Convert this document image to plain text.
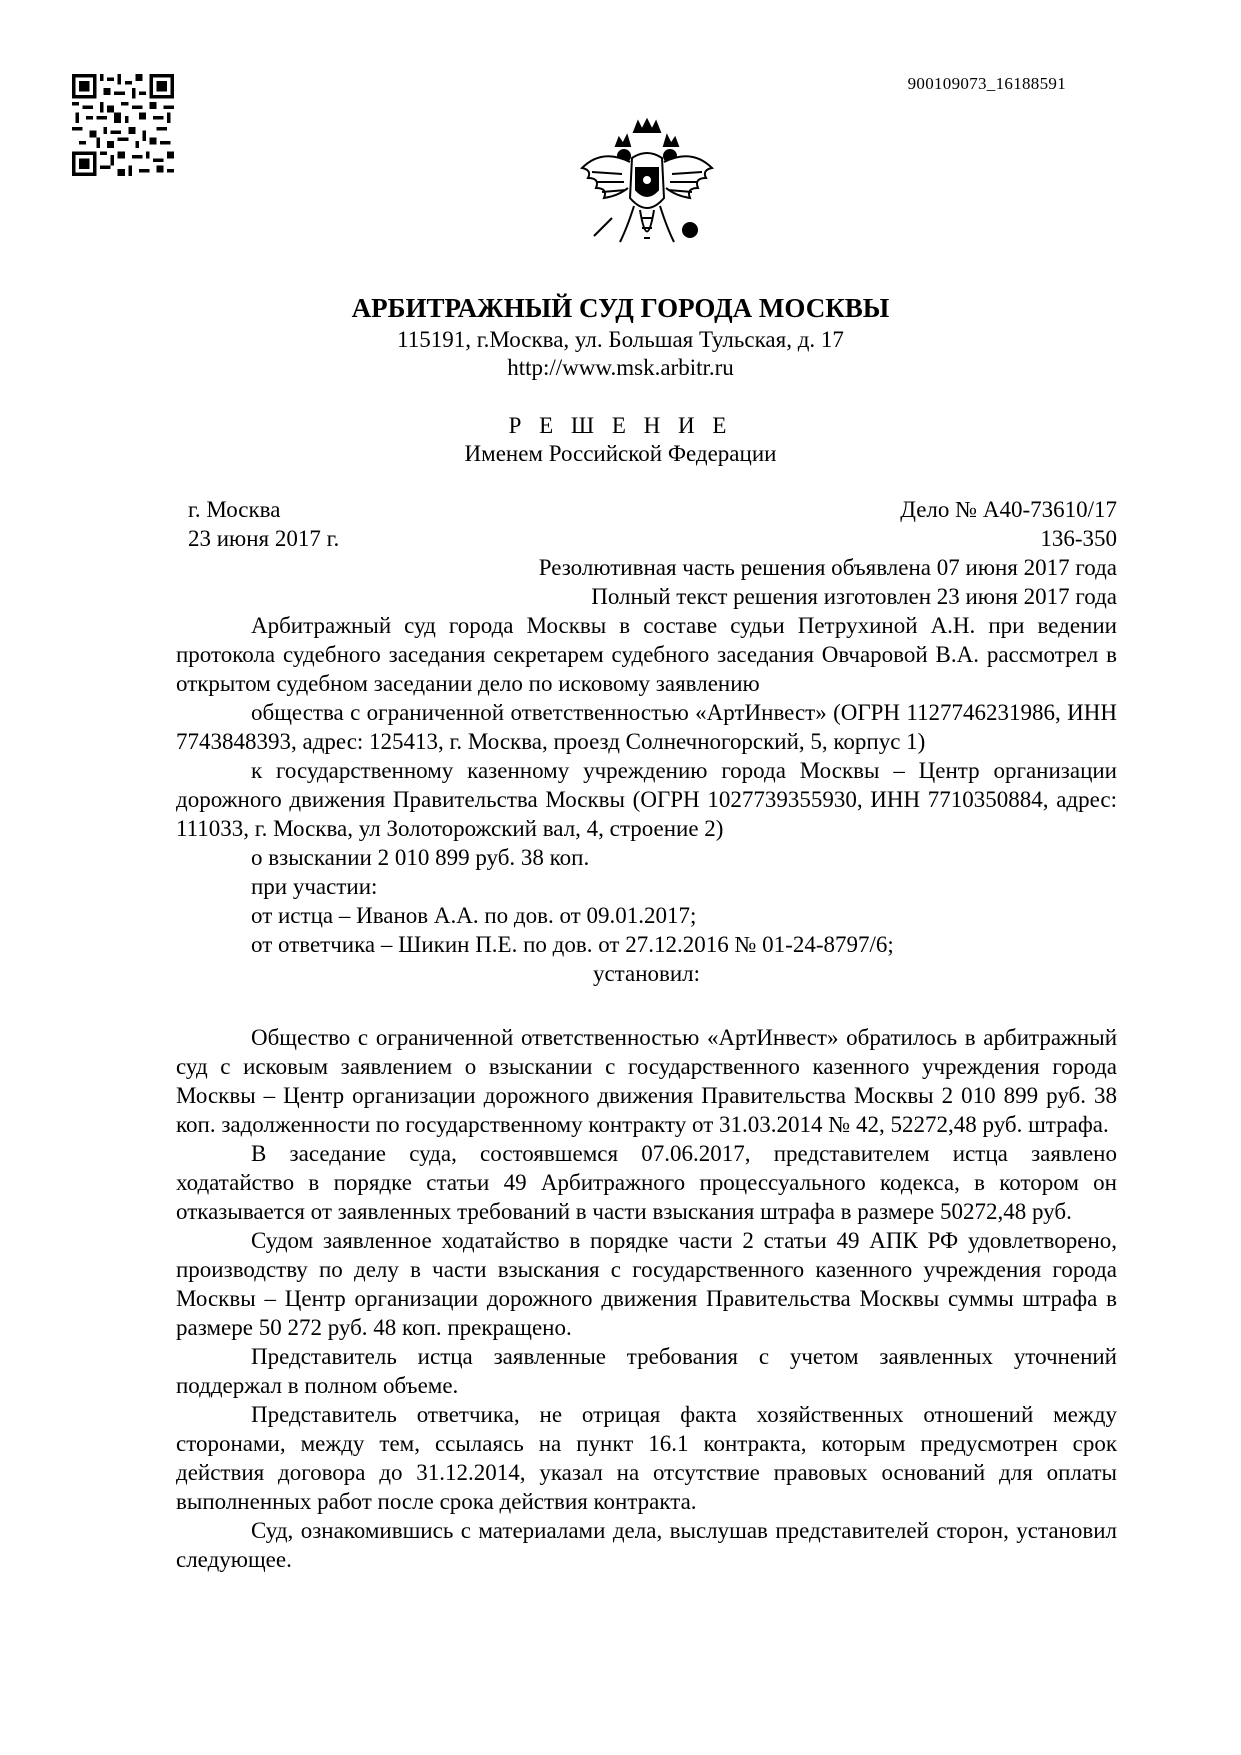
900109073_16188591
АРБИТРАЖНЫЙ СУД ГОРОДА МОСКВЫ
115191, г.Москва, ул. Большая Тульская, д. 17
http://www.msk.arbitr.ru
Р Е Ш Е Н И Е
Именем Российской Федерации
г. Москва	Дело № А40-73610/17
23 июня 2017 г.	136-350
Резолютивная часть решения объявлена 07 июня 2017 года
Полный текст решения изготовлен 23 июня 2017 года

Арбитражный суд города Москвы в составе судьи Петрухиной А.Н. при ведении протокола судебного заседания секретарем судебного заседания Овчаровой В.А. рассмотрел в открытом судебном заседании дело по исковому заявлению

общества с ограниченной ответственностью «АртИнвест» (ОГРН 1127746231986, ИНН 7743848393, адрес: 125413, г. Москва, проезд Солнечногорский, 5, корпус 1)

к государственному казенному учреждению города Москвы – Центр организации дорожного движения Правительства Москвы (ОГРН 1027739355930, ИНН 7710350884, адрес: 111033, г. Москва, ул Золоторожский вал, 4, строение 2)

о взыскании 2 010 899 руб. 38 коп.

при участии:

от истца – Иванов А.А. по дов. от 09.01.2017;

от ответчика – Шикин П.Е. по дов. от 27.12.2016 № 01-24-8797/6;

установил:

Общество с ограниченной ответственностью «АртИнвест» обратилось в арбитражный суд с исковым заявлением о взыскании с государственного казенного учреждения города Москвы – Центр организации дорожного движения Правительства Москвы 2 010 899 руб. 38 коп. задолженности по государственному контракту от 31.03.2014 № 42, 52272,48 руб. штрафа.

В заседание суда, состоявшемся 07.06.2017, представителем истца заявлено ходатайство в порядке статьи 49 Арбитражного процессуального кодекса, в котором он отказывается от заявленных требований в части взыскания штрафа в размере 50272,48 руб.

Судом заявленное ходатайство в порядке части 2 статьи 49 АПК РФ удовлетворено, производству по делу в части взыскания с государственного казенного учреждения города Москвы – Центр организации дорожного движения Правительства Москвы суммы штрафа в размере 50 272 руб. 48 коп. прекращено.

Представитель истца заявленные требования с учетом заявленных уточнений поддержал в полном объеме.

Представитель ответчика, не отрицая факта хозяйственных отношений между сторонами, между тем, ссылаясь на пункт 16.1 контракта, которым предусмотрен срок действия договора до 31.12.2014, указал на отсутствие правовых оснований для оплаты выполненных работ после срока действия контракта.

Суд, ознакомившись с материалами дела, выслушав представителей сторон, установил следующее.
